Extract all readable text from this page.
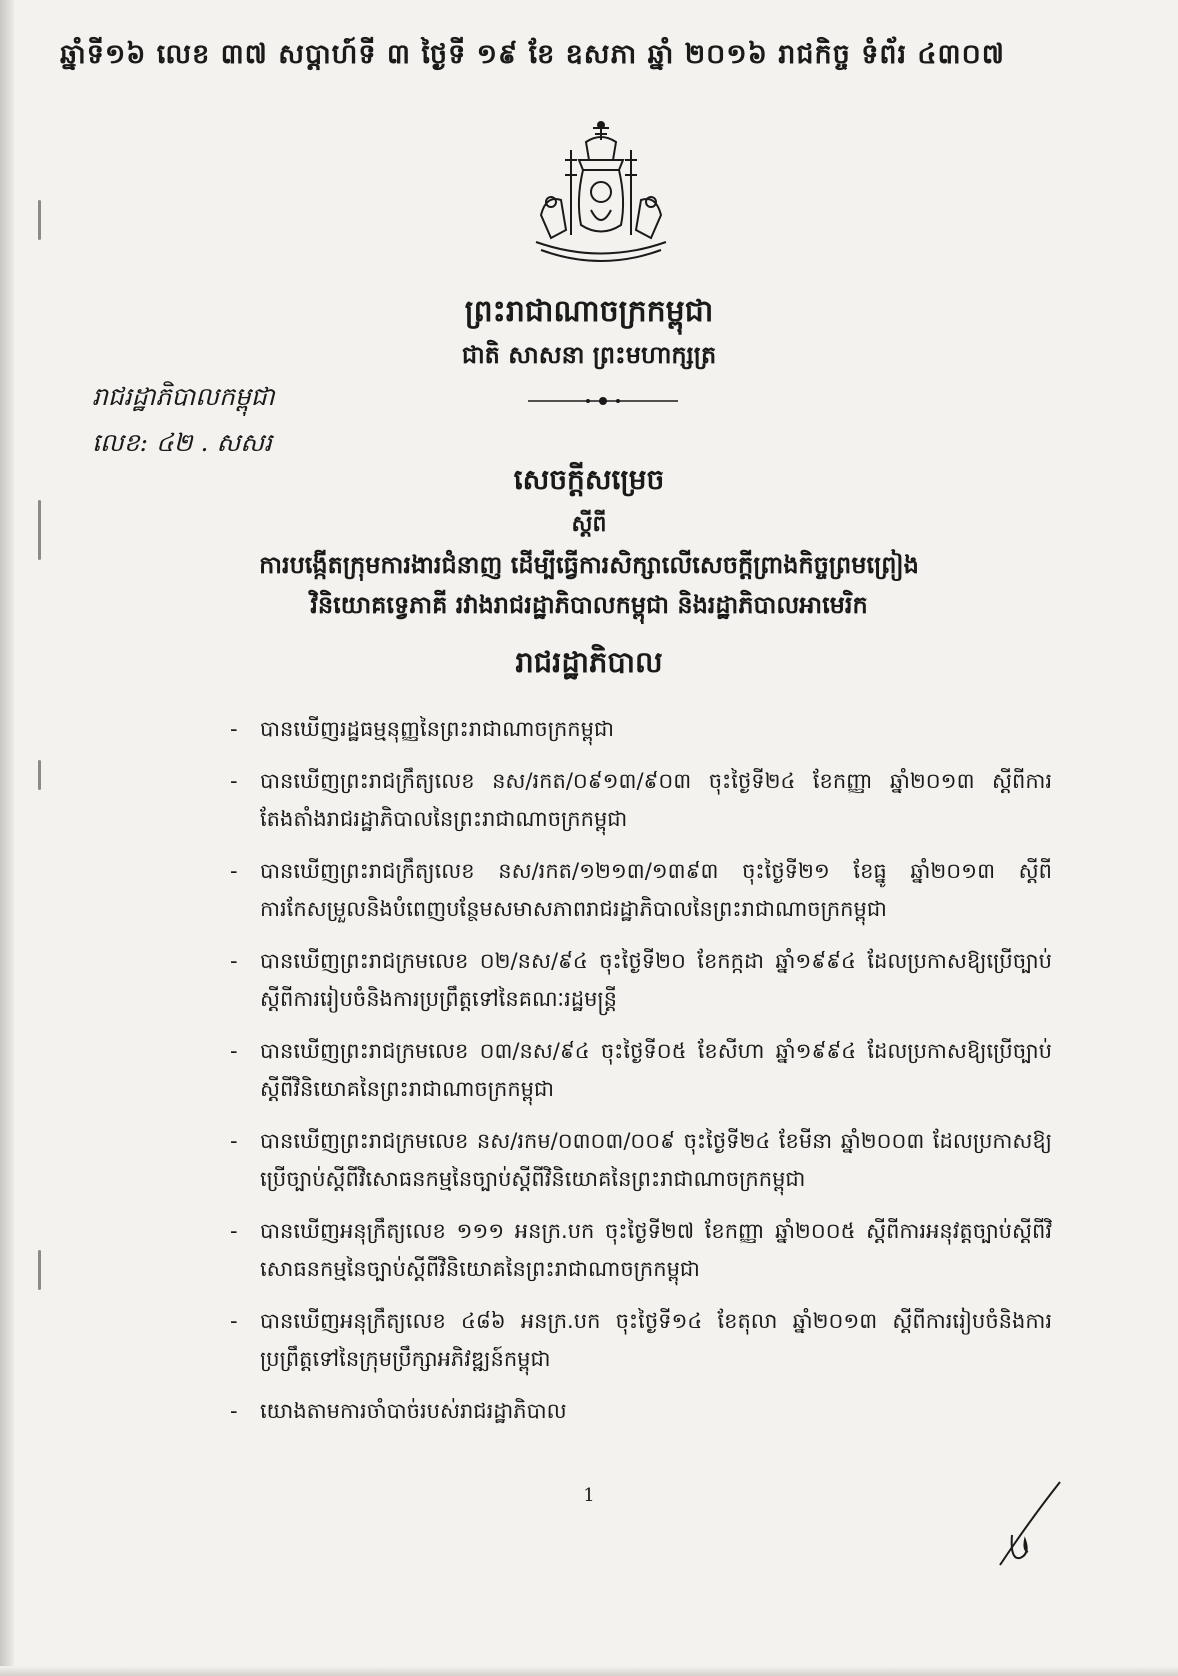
ឆ្នាំទី១៦ លេខ ៣៧ សប្ដាហ៍ទី ៣ ថ្ងៃទី ១៩ ខែ ឧសភា ឆ្នាំ ២០១៦ រាជកិច្ច ទំព័រ ៤៣០៧
ព្រះរាជាណាចក្រកម្ពុជា
ជាតិ សាសនា ព្រះមហាក្សត្រ
រាជរដ្ឋាភិបាលកម្ពុជា
លេខ: ៤២ . សសរ
សេចក្ដីសម្រេច
ស្ដីពី
ការបង្កើតក្រុមការងារជំនាញ ដើម្បីធ្វើការសិក្សាលើសេចក្ដីព្រាងកិច្ចព្រមព្រៀង
វិនិយោគទ្វេភាគី រវាងរាជរដ្ឋាភិបាលកម្ពុជា និងរដ្ឋាភិបាលអាមេរិក
រាជរដ្ឋាភិបាល
- បានឃើញរដ្ឋធម្មនុញ្ញនៃព្រះរាជាណាចក្រកម្ពុជា
- បានឃើញព្រះរាជក្រឹត្យលេខ នស/រកត/០៩១៣/៩០៣ ចុះថ្ងៃទី២៤ ខែកញ្ញា ឆ្នាំ២០១៣ ស្ដីពីការតែងតាំងរាជរដ្ឋាភិបាលនៃព្រះរាជាណាចក្រកម្ពុជា
- បានឃើញព្រះរាជក្រឹត្យលេខ នស/រកត/១២១៣/១៣៩៣ ចុះថ្ងៃទី២១ ខែធ្នូ ឆ្នាំ២០១៣ ស្ដីពីការកែសម្រួលនិងបំពេញបន្ថែមសមាសភាពរាជរដ្ឋាភិបាលនៃព្រះរាជាណាចក្រកម្ពុជា
- បានឃើញព្រះរាជក្រមលេខ ០២/នស/៩៤ ចុះថ្ងៃទី២០ ខែកក្កដា ឆ្នាំ១៩៩៤ ដែលប្រកាសឱ្យប្រើច្បាប់ស្ដីពីការរៀបចំនិងការប្រព្រឹត្តទៅនៃគណៈរដ្ឋមន្ត្រី
- បានឃើញព្រះរាជក្រមលេខ ០៣/នស/៩៤ ចុះថ្ងៃទី០៥ ខែសីហា ឆ្នាំ១៩៩៤ ដែលប្រកាសឱ្យប្រើច្បាប់ស្ដីពីវិនិយោគនៃព្រះរាជាណាចក្រកម្ពុជា
- បានឃើញព្រះរាជក្រមលេខ នស/រកម/០៣០៣/០០៩ ចុះថ្ងៃទី២៤ ខែមីនា ឆ្នាំ២០០៣ ដែលប្រកាសឱ្យប្រើច្បាប់ស្ដីពីវិសោធនកម្មនៃច្បាប់ស្ដីពីវិនិយោគនៃព្រះរាជាណាចក្រកម្ពុជា
- បានឃើញអនុក្រឹត្យលេខ ១១១ អនក្រ.បក ចុះថ្ងៃទី២៧ ខែកញ្ញា ឆ្នាំ២០០៥ ស្ដីពីការអនុវត្តច្បាប់ស្ដីពីវិសោធនកម្មនៃច្បាប់ស្ដីពីវិនិយោគនៃព្រះរាជាណាចក្រកម្ពុជា
- បានឃើញអនុក្រឹត្យលេខ ៤៨៦ អនក្រ.បក ចុះថ្ងៃទី១៤ ខែតុលា ឆ្នាំ២០១៣ ស្ដីពីការរៀបចំនិងការប្រព្រឹត្តទៅនៃក្រុមប្រឹក្សាអភិវឌ្ឍន៍កម្ពុជា
- យោងតាមការចាំបាច់របស់រាជរដ្ឋាភិបាល
1
